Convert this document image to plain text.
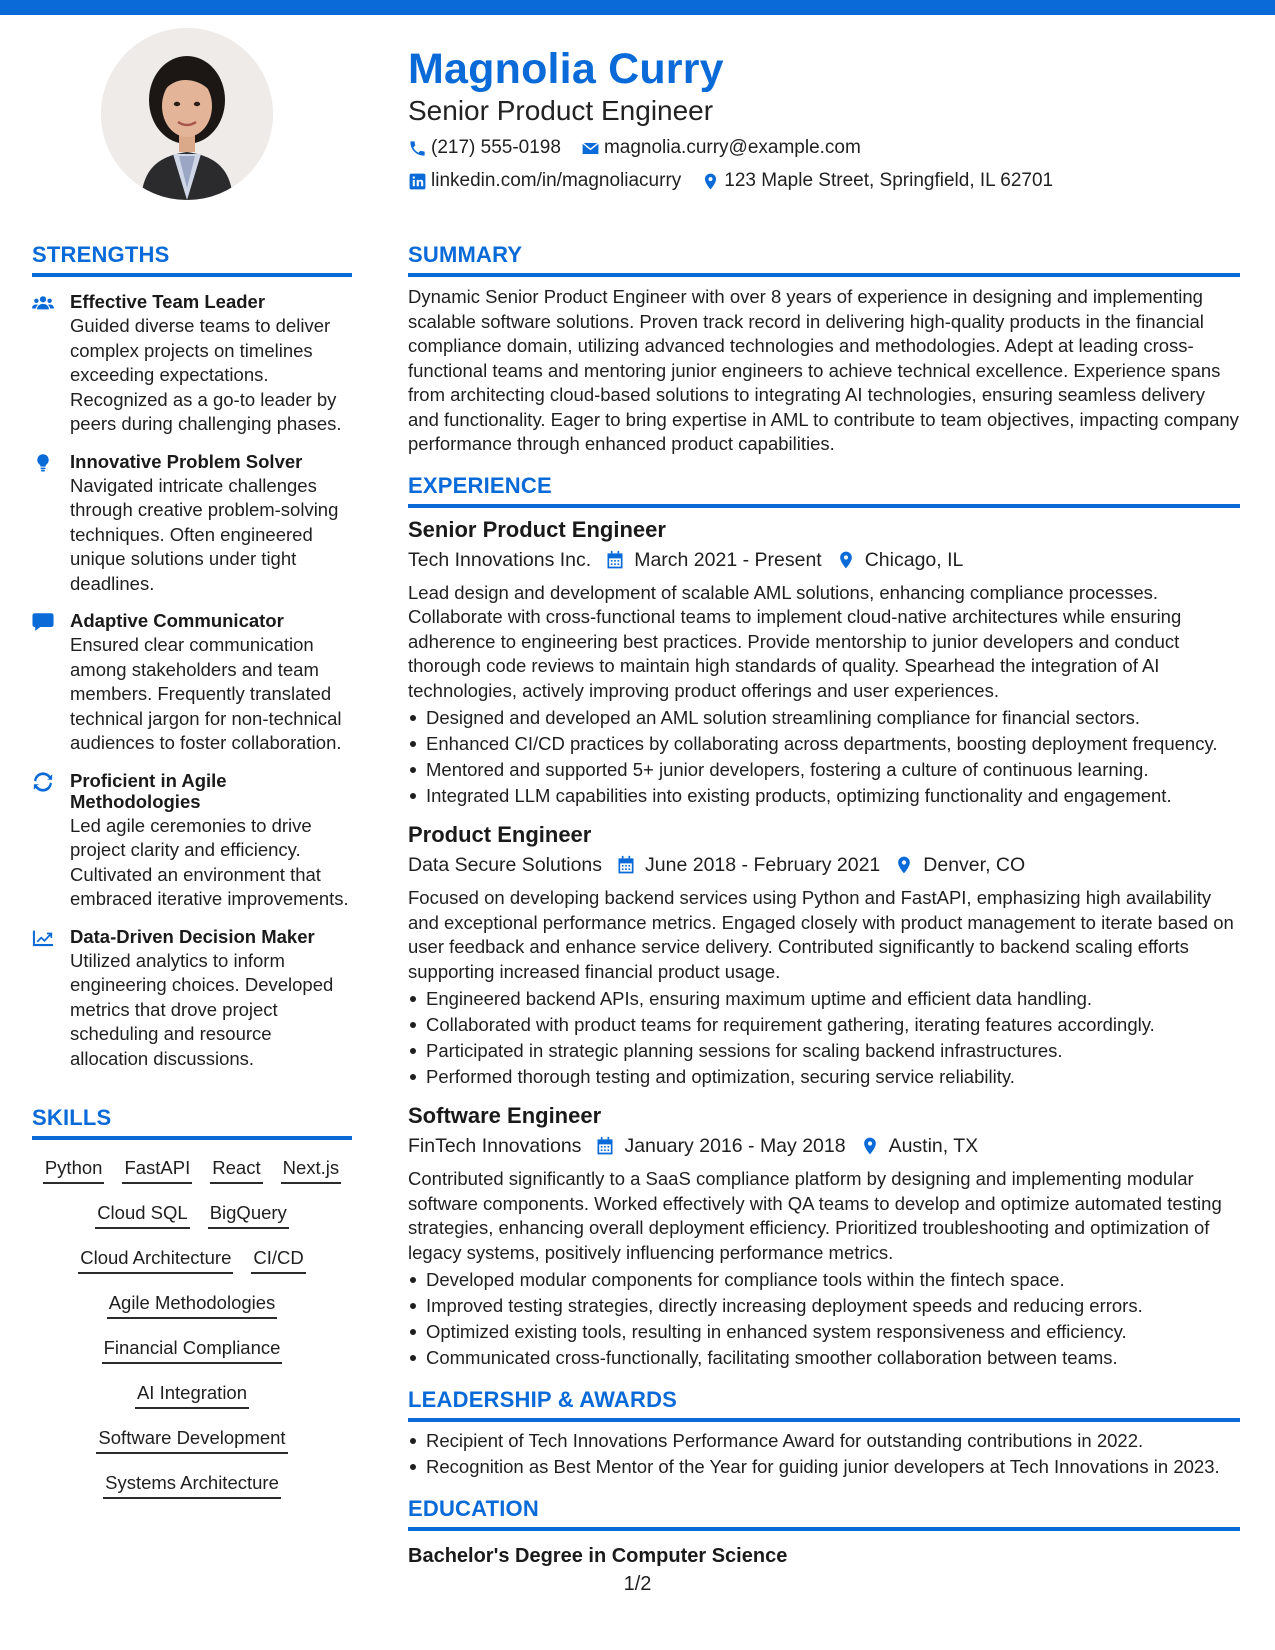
Magnolia Curry
Senior Product Engineer
(217) 555-0198 magnolia.curry@example.com
linkedin.com/in/magnoliacurry 123 Maple Street, Springfield, IL 62701
STRENGTHS
Effective Team Leader
Guided diverse teams to deliver complex projects on timelines exceeding expectations. Recognized as a go-to leader by peers during challenging phases.
Innovative Problem Solver
Navigated intricate challenges through creative problem-solving techniques. Often engineered unique solutions under tight deadlines.
Adaptive Communicator
Ensured clear communication among stakeholders and team members. Frequently translated technical jargon for non-technical audiences to foster collaboration.
Proficient in Agile Methodologies
Led agile ceremonies to drive project clarity and efficiency. Cultivated an environment that embraced iterative improvements.
Data-Driven Decision Maker
Utilized analytics to inform engineering choices. Developed metrics that drove project scheduling and resource allocation discussions.
SKILLS
Python FastAPI React Next.js
Cloud SQL BigQuery
Cloud Architecture CI/CD
Agile Methodologies
Financial Compliance
AI Integration
Software Development
Systems Architecture
SUMMARY
Dynamic Senior Product Engineer with over 8 years of experience in designing and implementing scalable software solutions. Proven track record in delivering high-quality products in the financial compliance domain, utilizing advanced technologies and methodologies. Adept at leading cross-functional teams and mentoring junior engineers to achieve technical excellence. Experience spans from architecting cloud-based solutions to integrating AI technologies, ensuring seamless delivery and functionality. Eager to bring expertise in AML to contribute to team objectives, impacting company performance through enhanced product capabilities.
EXPERIENCE
Senior Product Engineer
Tech Innovations Inc. March 2021 - Present Chicago, IL
Lead design and development of scalable AML solutions, enhancing compliance processes. Collaborate with cross-functional teams to implement cloud-native architectures while ensuring adherence to engineering best practices. Provide mentorship to junior developers and conduct thorough code reviews to maintain high standards of quality. Spearhead the integration of AI technologies, actively improving product offerings and user experiences.
Designed and developed an AML solution streamlining compliance for financial sectors.
Enhanced CI/CD practices by collaborating across departments, boosting deployment frequency.
Mentored and supported 5+ junior developers, fostering a culture of continuous learning.
Integrated LLM capabilities into existing products, optimizing functionality and engagement.
Product Engineer
Data Secure Solutions June 2018 - February 2021 Denver, CO
Focused on developing backend services using Python and FastAPI, emphasizing high availability and exceptional performance metrics. Engaged closely with product management to iterate based on user feedback and enhance service delivery. Contributed significantly to backend scaling efforts supporting increased financial product usage.
Engineered backend APIs, ensuring maximum uptime and efficient data handling.
Collaborated with product teams for requirement gathering, iterating features accordingly.
Participated in strategic planning sessions for scaling backend infrastructures.
Performed thorough testing and optimization, securing service reliability.
Software Engineer
FinTech Innovations January 2016 - May 2018 Austin, TX
Contributed significantly to a SaaS compliance platform by designing and implementing modular software components. Worked effectively with QA teams to develop and optimize automated testing strategies, enhancing overall deployment efficiency. Prioritized troubleshooting and optimization of legacy systems, positively influencing performance metrics.
Developed modular components for compliance tools within the fintech space.
Improved testing strategies, directly increasing deployment speeds and reducing errors.
Optimized existing tools, resulting in enhanced system responsiveness and efficiency.
Communicated cross-functionally, facilitating smoother collaboration between teams.
LEADERSHIP & AWARDS
Recipient of Tech Innovations Performance Award for outstanding contributions in 2022.
Recognition as Best Mentor of the Year for guiding junior developers at Tech Innovations in 2023.
EDUCATION
Bachelor's Degree in Computer Science
1/2
